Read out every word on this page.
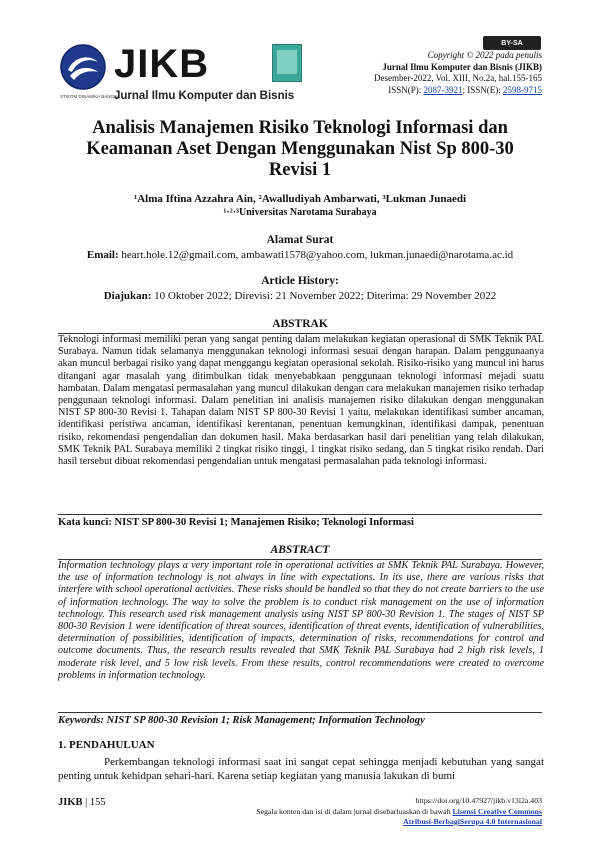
STIKOM DINAMIKA BANGSA
JIKB
Jurnal Ilmu Komputer dan Bisnis
BY-SA
Copyright © 2022 pada penulis
Jurnal Ilmu Komputer dan Bisnis (JIKB)
Desember-2022, Vol. XIII, No.2a, hal.155-165
ISSN(P): 2087-3921; ISSN(E): 2598-9715
Analisis Manajemen Risiko Teknologi Informasi dan Keamanan Aset Dengan Menggunakan Nist Sp 800-30 Revisi 1
¹Alma Iftina Azzahra Ain, ²Awalludiyah Ambarwati, ³Lukman Junaedi
¹·²·³Universitas Narotama Surabaya
Alamat Surat
Email: heart.hole.12@gmail.com, ambawati1578@yahoo.com, lukman.junaedi@narotama.ac.id
Article History:
Diajukan: 10 Oktober 2022; Direvisi: 21 November 2022; Diterima: 29 November 2022
ABSTRAK
Teknologi informasi memiliki peran yang sangat penting dalam melakukan kegiatan operasional di SMK Teknik PAL Surabaya. Namun tidak selamanya menggunakan teknologi informasi sesuai dengan harapan. Dalam penggunaanya akan muncul berbagai risiko yang dapat menggangu kegiatan operasional sekolah. Risiko-risiko yang muncul ini harus ditangani agar masalah yang ditimbulkan tidak menyebabkaan penggunaan teknologi informasi mejadi suatu hambatan. Dalam mengatasi permasalahan yang muncul dilakukan dengan cara melakukan manajemen risiko terhadap penggunaan teknologi informasi. Dalam penelitian ini analisis manajemen risiko dilakukan dengan menggunakan NIST SP 800-30 Revisi 1. Tahapan dalam NIST SP 800-30 Revisi 1 yaitu, melakukan identifikasi sumber ancaman, identifikasi peristiwa ancaman, identifikasi kerentanan, penentuan kemungkinan, identifikasi dampak, penentuan risiko, rekomendasi pengendalian dan dokumen hasil. Maka berdasarkan hasil dari penelitian yang telah dilakukan, SMK Teknik PAL Surabaya memiliki 2 tingkat risiko tinggi, 1 tingkat risiko sedang, dan 5 tingkat risiko rendah. Dari hasil tersebut dibuat rekomendasi pengendalian untuk mengatasi permasalahan pada teknologi informasi.
Kata kunci: NIST SP 800-30 Revisi 1; Manajemen Risiko; Teknologi Informasi
ABSTRACT
Information technology plays a very important role in operational activities at SMK Teknik PAL Surabaya. However, the use of information technology is not always in line with expectations. In its use, there are various risks that interfere with school operational activities. These risks should be handled so that they do not create barriers to the use of information technology. The way to solve the problem is to conduct risk management on the use of information technology. This research used risk management analysis using NIST SP 800-30 Revision 1. The stages of NIST SP 800-30 Revision 1 were identification of threat sources, identification of threat events, identification of vulnerabilities, determination of possibilities, identification of impacts, determination of risks, recommendations for control and outcome documents. Thus, the research results revealed that SMK Teknik PAL Surabaya had 2 high risk levels, 1 moderate risk level, and 5 low risk levels. From these results, control recommendations were created to overcome problems in information technology.
Keywords: NIST SP 800-30 Revision 1; Risk Management; Information Technology
1. PENDAHULUAN
Perkembangan teknologi informasi saat ini sangat cepat sehingga menjadi kebutuhan yang sangat penting untuk kehidpan sehari-hari. Karena setiap kegiatan yang manusia lakukan di bumi
JIKB | 155	https://doi.org/10.47927/jikb.v13i2a.403
Segala konten dan isi di dalam jurnal disebarluaskan di bawah Lisensi Creative Commons
Atribusi-BerbagiSerupa 4.0 Internasional
